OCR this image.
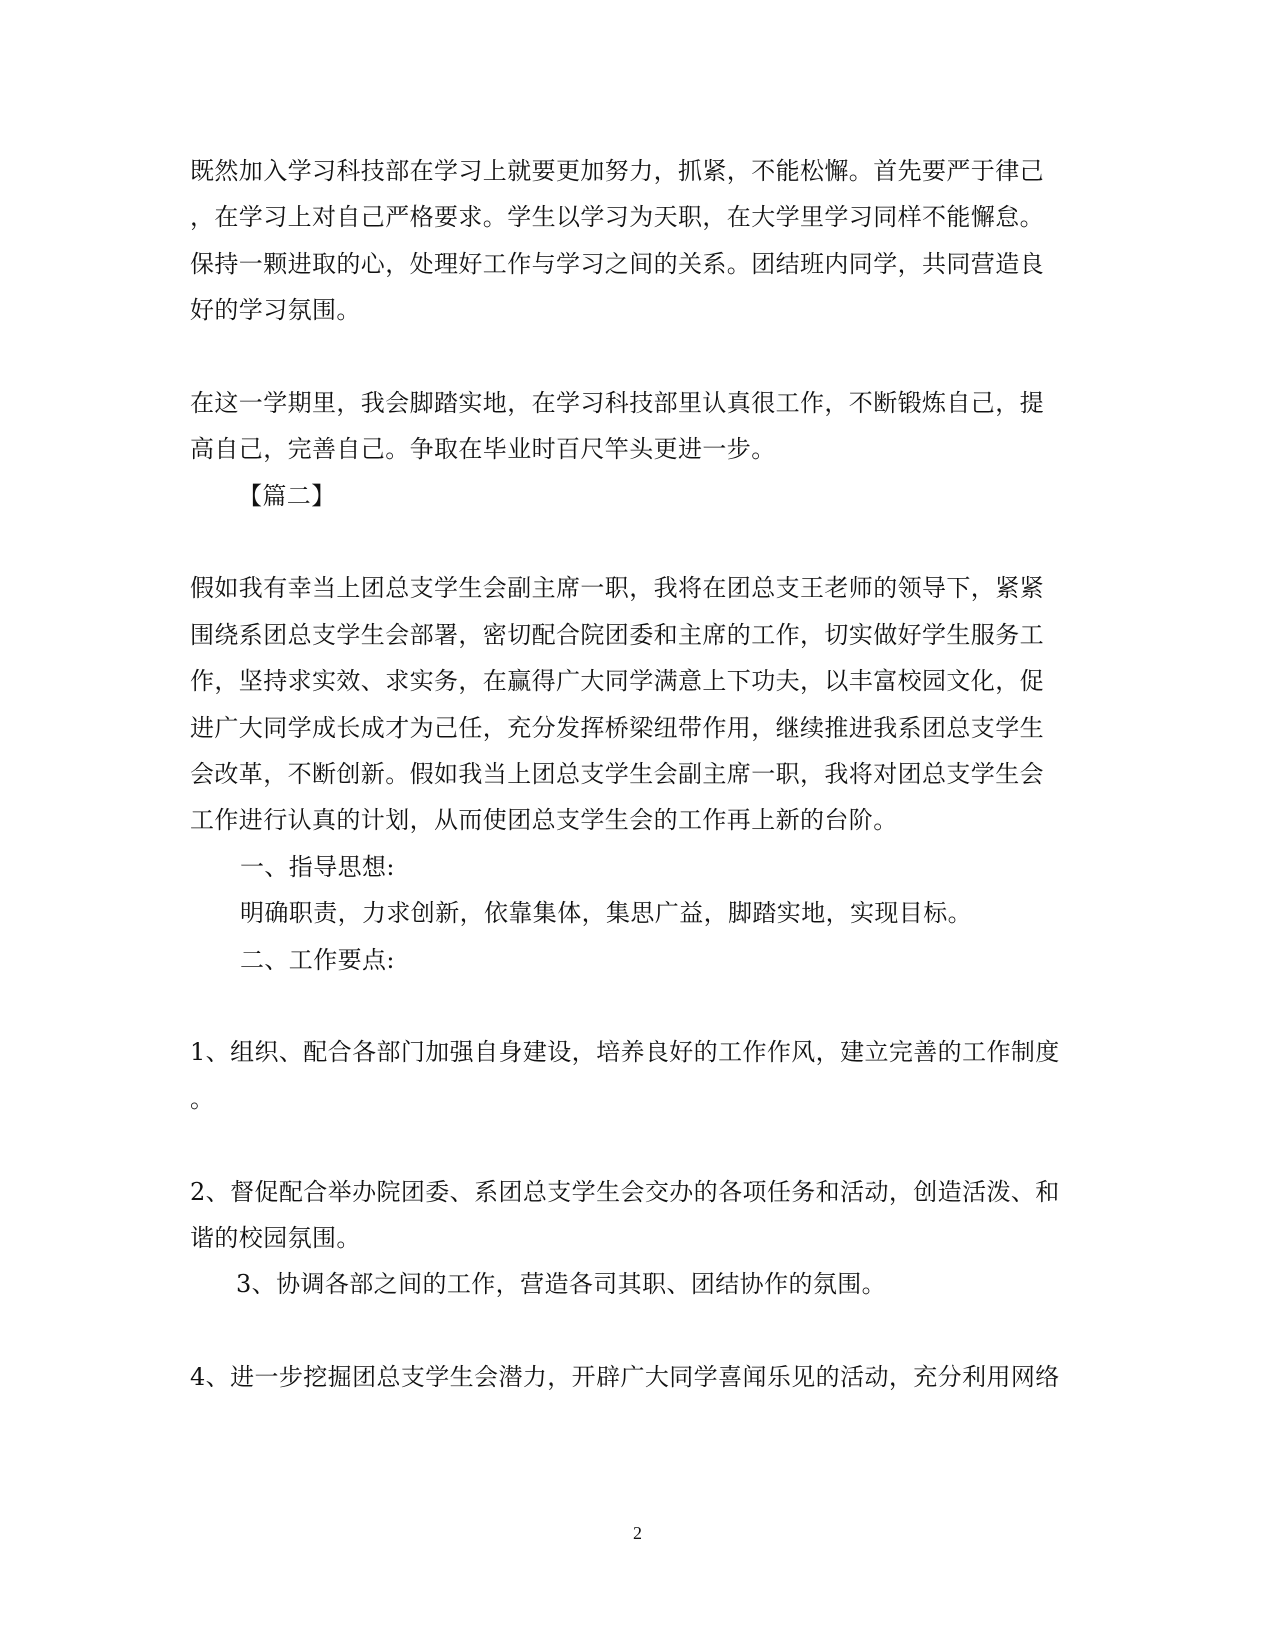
既然加入学习科技部在学习上就要更加努力，抓紧，不能松懈。首先要严于律己
，在学习上对自己严格要求。学生以学习为天职，在大学里学习同样不能懈怠。
保持一颗进取的心，处理好工作与学习之间的关系。团结班内同学，共同营造良
好的学习氛围。
在这一学期里，我会脚踏实地，在学习科技部里认真很工作，不断锻炼自己，提
高自己，完善自己。争取在毕业时百尺竿头更进一步。
【篇二】
假如我有幸当上团总支学生会副主席一职，我将在团总支王老师的领导下，紧紧
围绕系团总支学生会部署，密切配合院团委和主席的工作，切实做好学生服务工
作，坚持求实效、求实务，在赢得广大同学满意上下功夫，以丰富校园文化，促
进广大同学成长成才为己任，充分发挥桥梁纽带作用，继续推进我系团总支学生
会改革，不断创新。假如我当上团总支学生会副主席一职，我将对团总支学生会
工作进行认真的计划，从而使团总支学生会的工作再上新的台阶。
一、指导思想:
明确职责，力求创新，依靠集体，集思广益，脚踏实地，实现目标。
二、工作要点:
1、组织、配合各部门加强自身建设，培养良好的工作作风，建立完善的工作制度
。
2、督促配合举办院团委、系团总支学生会交办的各项任务和活动，创造活泼、和
谐的校园氛围。
3、协调各部之间的工作，营造各司其职、团结协作的氛围。
4、进一步挖掘团总支学生会潜力，开辟广大同学喜闻乐见的活动，充分利用网络
2
